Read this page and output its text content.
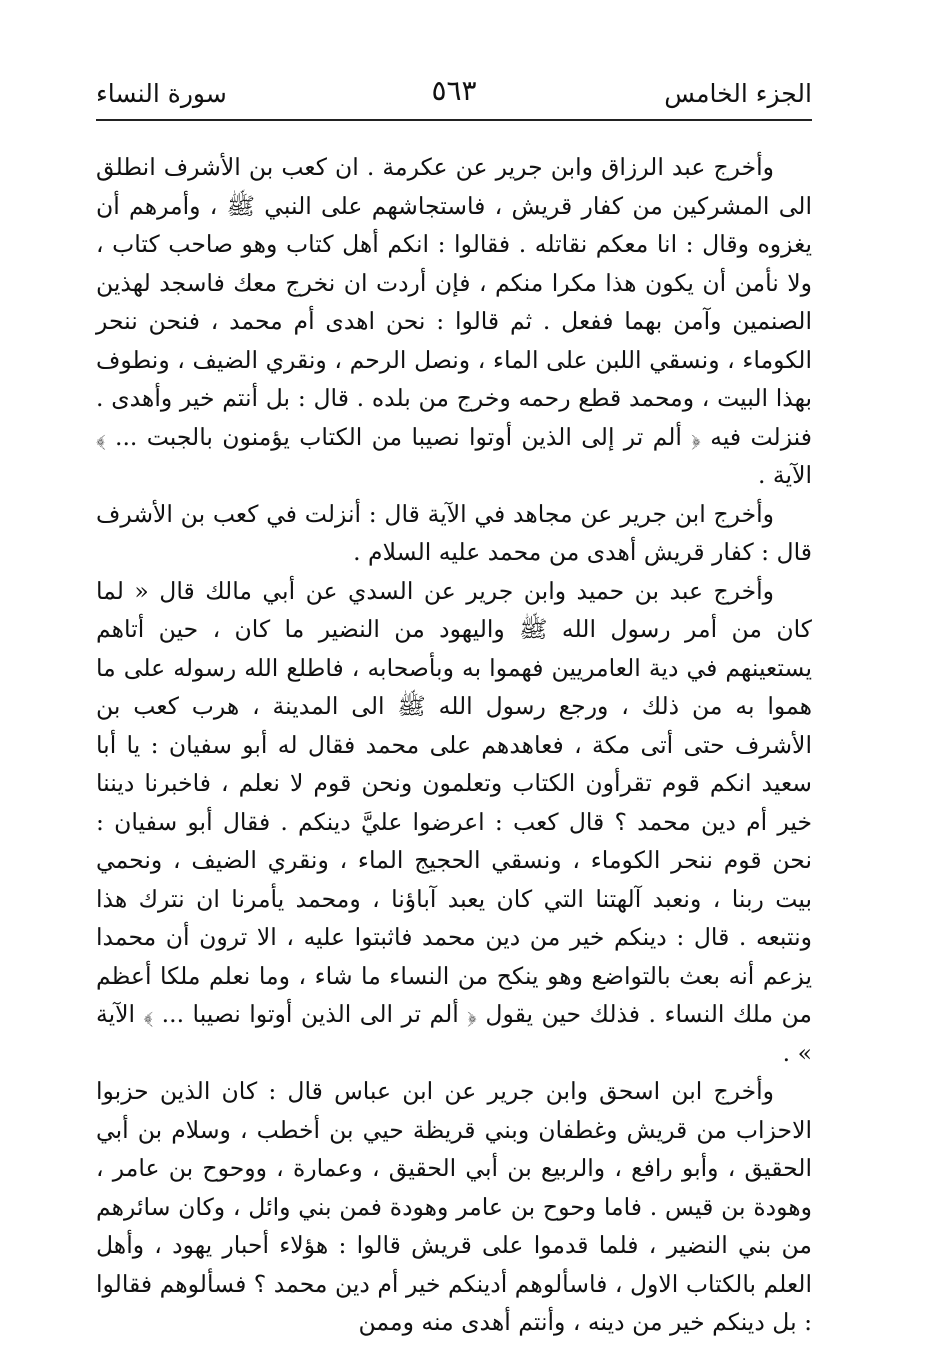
الجزء الخامس
٥٦٣
سورة النساء

وأخرج عبد الرزاق وابن جرير عن عكرمة . ان كعب بن الأشرف انطلق الى المشركين من كفار قريش ، فاستجاشهم على النبي ﷺ ، وأمرهم أن يغزوه وقال : انا معكم نقاتله . فقالوا : انكم أهل كتاب وهو صاحب كتاب ، ولا نأمن أن يكون هذا مكرا منكم ، فإن أردت ان نخرج معك فاسجد لهذين الصنمين وآمن بهما ففعل . ثم قالوا : نحن اهدى أم محمد ، فنحن ننحر الكوماء ، ونسقي اللبن على الماء ، ونصل الرحم ، ونقري الضيف ، ونطوف بهذا البيت ، ومحمد قطع رحمه وخرج من بلده . قال : بل أنتم خير وأهدى . فنزلت فيه ﴿ ألم تر إلى الذين أوتوا نصيبا من الكتاب يؤمنون بالجبت ... ﴾ الآية .

وأخرج ابن جرير عن مجاهد في الآية قال : أنزلت في كعب بن الأشرف قال : كفار قريش أهدى من محمد عليه السلام .

وأخرج عبد بن حميد وابن جرير عن السدي عن أبي مالك قال « لما كان من أمر رسول الله ﷺ واليهود من النضير ما كان ، حين أتاهم يستعينهم في دية العامريين فهموا به وبأصحابه ، فاطلع الله رسوله على ما هموا به من ذلك ، ورجع رسول الله ﷺ الى المدينة ، هرب كعب بن الأشرف حتى أتى مكة ، فعاهدهم على محمد فقال له أبو سفيان : يا أبا سعيد انكم قوم تقرأون الكتاب وتعلمون ونحن قوم لا نعلم ، فاخبرنا ديننا خير أم دين محمد ؟ قال كعب : اعرضوا عليَّ دينكم . فقال أبو سفيان : نحن قوم ننحر الكوماء ، ونسقي الحجيج الماء ، ونقري الضيف ، ونحمي بيت ربنا ، ونعبد آلهتنا التي كان يعبد آباؤنا ، ومحمد يأمرنا ان نترك هذا ونتبعه . قال : دينكم خير من دين محمد فاثبتوا عليه ، الا ترون أن محمدا يزعم أنه بعث بالتواضع وهو ينكح من النساء ما شاء ، وما نعلم ملكا أعظم من ملك النساء . فذلك حين يقول ﴿ ألم تر الى الذين أوتوا نصيبا ... ﴾ الآية » .

وأخرج ابن اسحق وابن جرير عن ابن عباس قال : كان الذين حزبوا الاحزاب من قريش وغطفان وبني قريظة حيي بن أخطب ، وسلام بن أبي الحقيق ، وأبو رافع ، والربيع بن أبي الحقيق ، وعمارة ، ووحوح بن عامر ، وهودة بن قيس . فاما وحوح بن عامر وهودة فمن بني وائل ، وكان سائرهم من بني النضير ، فلما قدموا على قريش قالوا : هؤلاء أحبار يهود ، وأهل العلم بالكتاب الاول ، فاسألوهم أدينكم خير أم دين محمد ؟ فسألوهم فقالوا : بل دينكم خير من دينه ، وأنتم أهدى منه وممن
